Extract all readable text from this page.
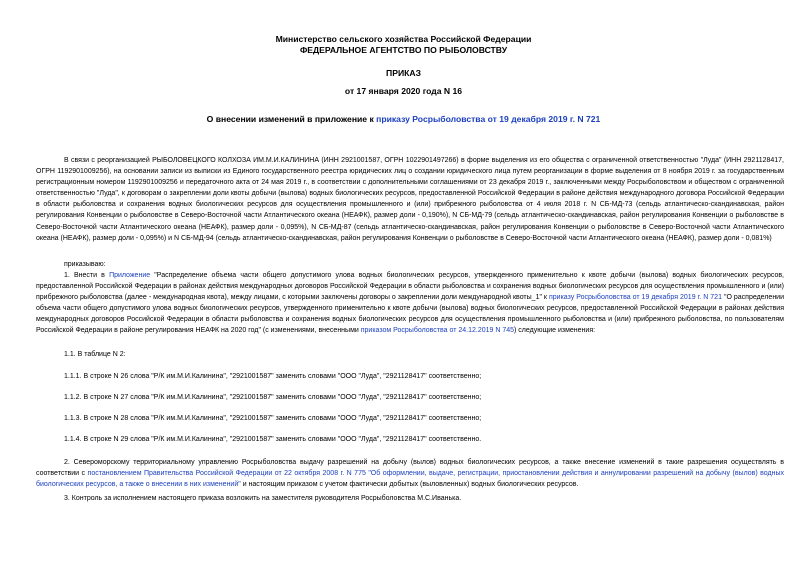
Министерство сельского хозяйства Российской Федерации
ФЕДЕРАЛЬНОЕ АГЕНТСТВО ПО РЫБОЛОВСТВУ
ПРИКАЗ
от 17 января 2020 года N 16
О внесении изменений в приложение к приказу Росрыболовства от 19 декабря 2019 г. N 721
В связи с реорганизацией РЫБОЛОВЕЦКОГО КОЛХОЗА ИМ.М.И.КАЛИНИНА (ИНН 2921001587, ОГРН 1022901497266) в форме выделения из его общества с ограниченной ответственностью "Луда" (ИНН 2921128417, ОГРН 1192901009256), на основании записи из выписки из Единого государственного реестра юридических лиц о создании юридического лица путем реорганизации в форме выделения от 8 ноября 2019 г. за государственным регистрационным номером 1192901009256 и передаточного акта от 24 мая 2019 г., в соответствии с дополнительными соглашениями от 23 декабря 2019 г., заключенными между Росрыболовством и обществом с ограниченной ответственностью "Луда", к договорам о закреплении доли квоты добычи (вылова) водных биологических ресурсов, предоставленной Российской Федерации в районе действия международного договора Российской Федерации в области рыболовства и сохранения водных биологических ресурсов для осуществления промышленного и (или) прибрежного рыболовства от 4 июля 2018 г. N СБ-МД-73 (сельдь атлантическо-скандинавская, район регулирования Конвенции о рыболовстве в Северо-Восточной части Атлантического океана (НЕАФК), размер доли - 0,190%), N СБ-МД-79 (сельдь атлантическо-скандинавская, район регулирования Конвенции о рыболовстве в Северо-Восточной части Атлантического океана (НЕАФК), размер доли - 0,095%), N СБ-МД-87 (сельдь атлантическо-скандинавская, район регулирования Конвенции о рыболовстве в Северо-Восточной части Атлантического океана (НЕАФК), размер доли - 0,095%) и N СБ-МД-94 (сельдь атлантическо-скандинавская, район регулирования Конвенции о рыболовстве в Северо-Восточной части Атлантического океана (НЕАФК), размер доли - 0,081%)
приказываю:
1. Внести в Приложение "Распределение объема части общего допустимого улова водных биологических ресурсов, утвержденного применительно к квоте добычи (вылова) водных биологических ресурсов, предоставленной Российской Федерации в районах действия международных договоров Российской Федерации в области рыболовства и сохранения водных биологических ресурсов для осуществления промышленного и (или) прибрежного рыболовства (далее - международная квота), между лицами, с которыми заключены договоры о закреплении доли международной квоты_1" к приказу Росрыболовства от 19 декабря 2019 г. N 721 "О распределении объема части общего допустимого улова водных биологических ресурсов, утвержденного применительно к квоте добычи (вылова) водных биологических ресурсов, предоставленной Российской Федерации в районах действия международных договоров Российской Федерации в области рыболовства и сохранения водных биологических ресурсов для осуществления промышленного рыболовства и (или) прибрежного рыболовства, по пользователям Российской Федерации в районе регулирования НЕАФК на 2020 год" (с изменениями, внесенными приказом Росрыболовства от 24.12.2019 N 745) следующие изменения:
1.1. В таблице N 2:
1.1.1. В строке N 26 слова "Р/К им.М.И.Калинина", "2921001587" заменить словами "ООО "Луда", "2921128417" соответственно;
1.1.2. В строке N 27 слова "Р/К им.М.И.Калинина", "2921001587" заменить словами "ООО "Луда", "2921128417" соответственно;
1.1.3. В строке N 28 слова "Р/К им.М.И.Калинина", "2921001587" заменить словами "ООО "Луда", "2921128417" соответственно;
1.1.4. В строке N 29 слова "Р/К им.М.И.Калинина", "2921001587" заменить словами "ООО "Луда", "2921128417" соответственно.
2. Североморскому территориальному управлению Росрыболовства выдачу разрешений на добычу (вылов) водных биологических ресурсов, а также внесение изменений в такие разрешения осуществлять в соответствии с постановлением Правительства Российской Федерации от 22 октября 2008 г. N 775 "Об оформлении, выдаче, регистрации, приостановлении действия и аннулировании разрешений на добычу (вылов) водных биологических ресурсов, а также о внесении в них изменений" и настоящим приказом с учетом фактически добытых (выловленных) водных биологических ресурсов.
3. Контроль за исполнением настоящего приказа возложить на заместителя руководителя Росрыболовства М.С.Иванька.
